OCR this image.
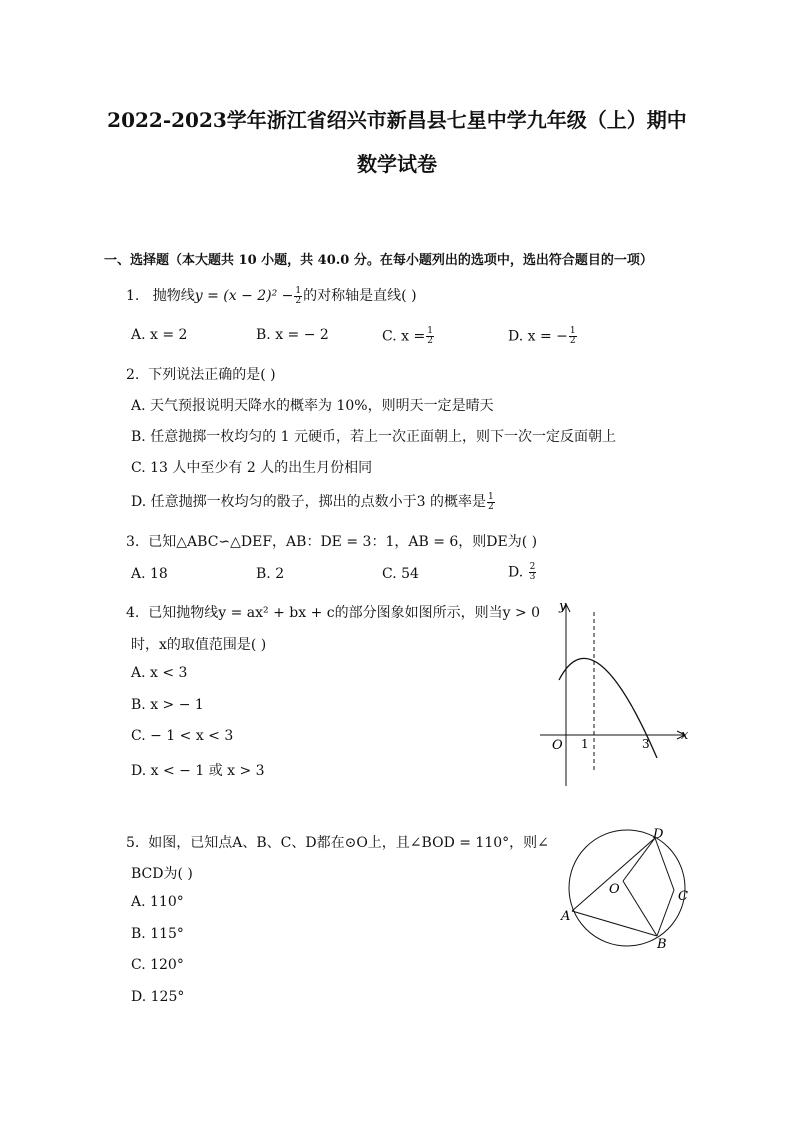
2022-2023学年浙江省绍兴市新昌县七星中学九年级（上）期中
数学试卷
一、选择题（本大题共 10 小题，共 40.0 分。在每小题列出的选项中，选出符合题目的一项）
1. 抛物线$y = (x - 2)^2 - \frac{1}{2}$ 的对称轴是直线( )
A. x = 2	B. x = − 2	C. $x = \frac{1}{2}$	D. x = − $\frac{1}{2}$
2. 下列说法正确的是( )
A. 天气预报说明天降水的概率为 10%，则明天一定是晴天
B. 任意抛掷一枚均匀的 1 元硬币，若上一次正面朝上，则下一次一定反面朝上
C. 13 人中至少有 2 人的出生月份相同
D. 任意抛掷一枚均匀的骰子，掷出的点数小于3 的概率是 $\frac{1}{2}$
3. 已知△ABC∽△DEF，AB：DE = 3：1，AB = 6，则DE为( )
A. 18	B. 2	C. 54	D. $\frac{2}{3}$
4. 已知抛物线y = ax² + bx + c的部分图象如图所示，则当y > 0
时，x的取值范围是( )
A. x < 3
B. x > − 1
C. − 1 < x < 3
D. x < − 1 或 x > 3
y
x
O 1	3
5. 如图，已知点A、B、C、D都在⊙O上，且∠BOD = 110°，则∠
BCD为( )
A. 110°
B. 115°
C. 120°
D. 125°
A
B
C
D
O
